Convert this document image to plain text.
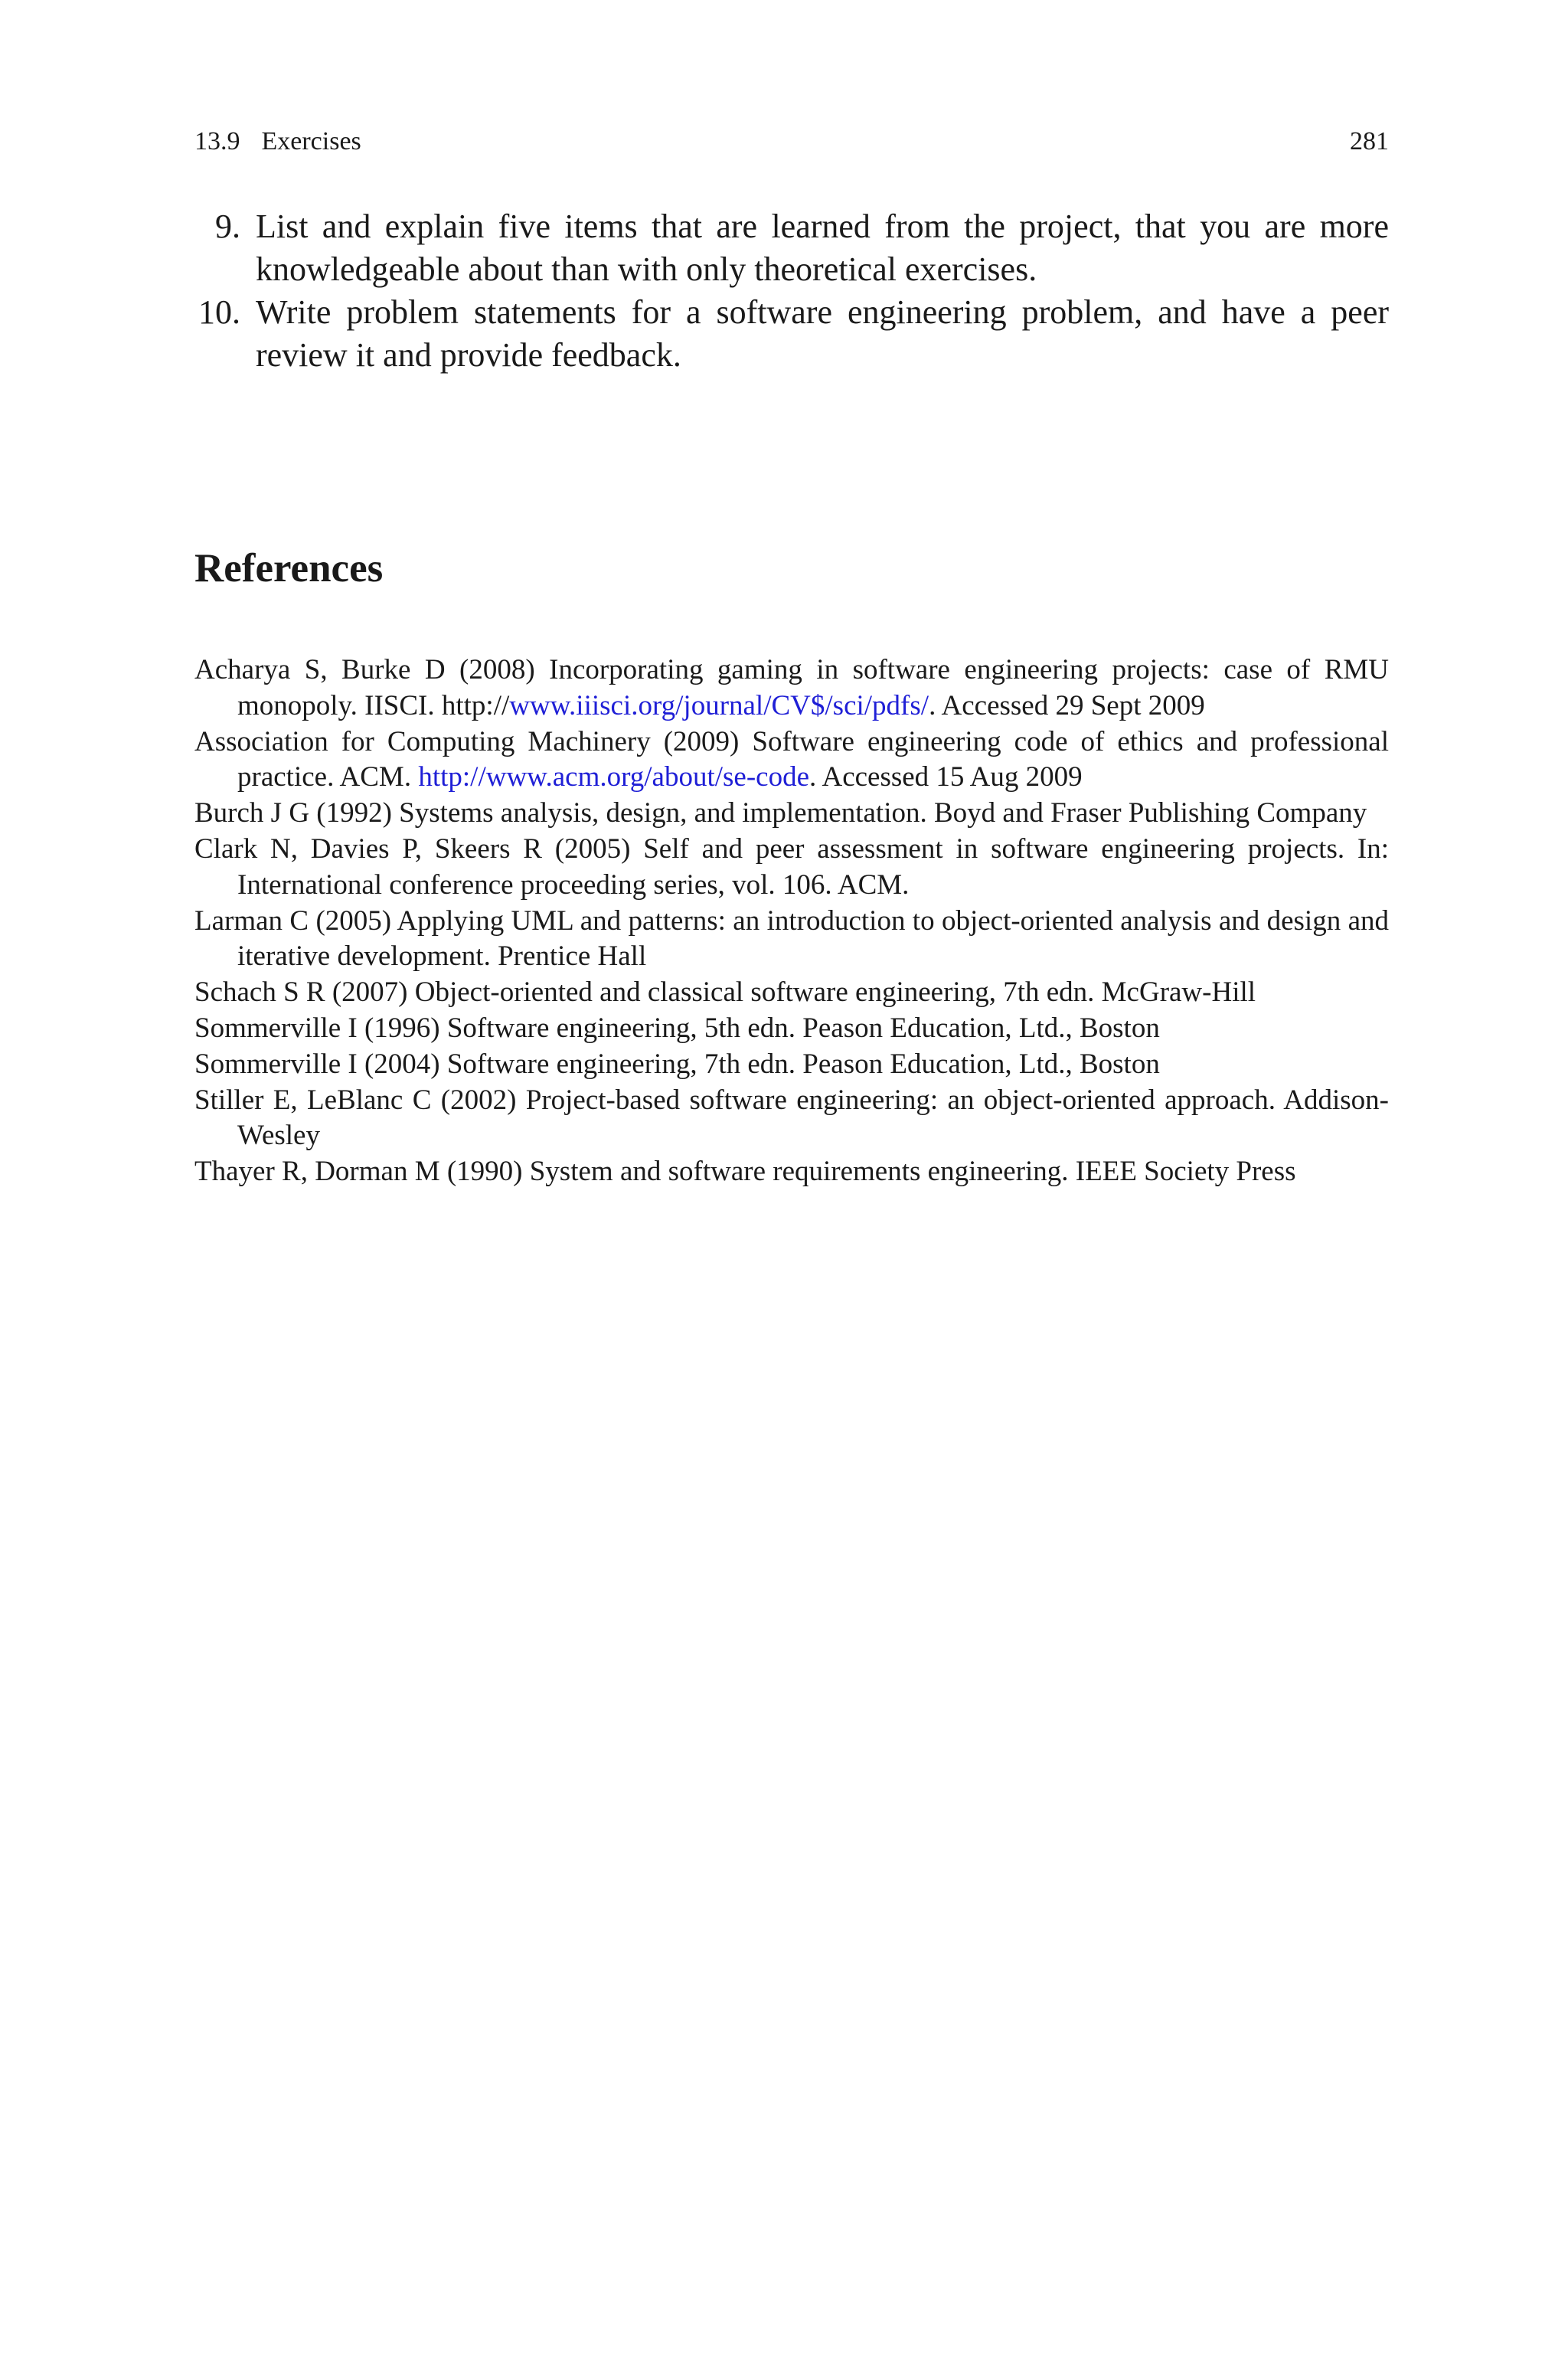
13.9 Exercises	281
9. List and explain five items that are learned from the project, that you are more knowledgeable about than with only theoretical exercises.
10. Write problem statements for a software engineering problem, and have a peer review it and provide feedback.
References
Acharya S, Burke D (2008) Incorporating gaming in software engineering projects: case of RMU monopoly. IISCI. http://www.iiisci.org/journal/CV$/sci/pdfs/. Accessed 29 Sept 2009
Association for Computing Machinery (2009) Software engineering code of ethics and professional practice. ACM. http://www.acm.org/about/se-code. Accessed 15 Aug 2009
Burch J G (1992) Systems analysis, design, and implementation. Boyd and Fraser Publishing Company
Clark N, Davies P, Skeers R (2005) Self and peer assessment in software engineering projects. In: International conference proceeding series, vol. 106. ACM.
Larman C (2005) Applying UML and patterns: an introduction to object-oriented analysis and design and iterative development. Prentice Hall
Schach S R (2007) Object-oriented and classical software engineering, 7th edn. McGraw-Hill
Sommerville I (1996) Software engineering, 5th edn. Peason Education, Ltd., Boston
Sommerville I (2004) Software engineering, 7th edn. Peason Education, Ltd., Boston
Stiller E, LeBlanc C (2002) Project-based software engineering: an object-oriented approach. Addison-Wesley
Thayer R, Dorman M (1990) System and software requirements engineering. IEEE Society Press
